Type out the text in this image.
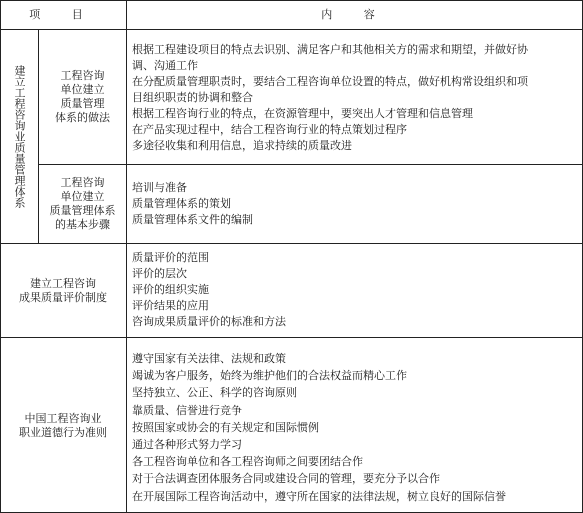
项 目	内 容
建立工程咨询业质量管理体系	工程咨询
单位建立
质量管理
体系的做法
根据工程建设项目的特点去识别、满足客户和其他相关方的需求和期望，并做好协
调、沟通工作
在分配质量管理职责时，要结合工程咨询单位设置的特点，做好机构常设组织和项
目组织职责的协调和整合
根据工程咨询行业的特点，在资源管理中，要突出人才管理和信息管理
在产品实现过程中，结合工程咨询行业的特点策划过程序
多途径收集和利用信息，追求持续的质量改进
工程咨询
单位建立
质量管理体系
的基本步骤
培训与准备
质量管理体系的策划
质量管理体系文件的编制
建立工程咨询
成果质量评价制度
质量评价的范围
评价的层次
评价的组织实施
评价结果的应用
咨询成果质量评价的标准和方法
中国工程咨询业
职业道德行为准则
遵守国家有关法律、法规和政策
竭诚为客户服务，始终为维护他们的合法权益而精心工作
坚持独立、公正、科学的咨询原则
靠质量、信誉进行竞争
按照国家或协会的有关规定和国际惯例
通过各种形式努力学习
各工程咨询单位和各工程咨询师之间要团结合作
对于合法调查团体服务合同或建设合同的管理，要充分予以合作
在开展国际工程咨询活动中，遵守所在国家的法律法规，树立良好的国际信誉
